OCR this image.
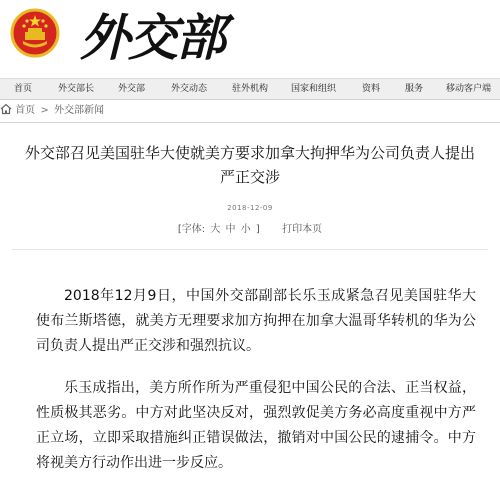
外交部
首页	外交部长	外交部	外交动态	驻外机构	国家和组织	资料	服务	移动客户端
首页 > 外交部新闻
外交部召见美国驻华大使就美方要求加拿大拘押华为公司负责人提出严正交涉
2018-12-09
[字体: 大 中 小 ] 打印本页

2018年12月9日，中国外交部副部长乐玉成紧急召见美国驻华大使布兰斯塔德，就美方无理要求加方拘押在加拿大温哥华转机的华为公司负责人提出严正交涉和强烈抗议。

乐玉成指出，美方所作所为严重侵犯中国公民的合法、正当权益，性质极其恶劣。中方对此坚决反对，强烈敦促美方务必高度重视中方严正立场，立即采取措施纠正错误做法，撤销对中国公民的逮捕令。中方将视美方行动作出进一步反应。
